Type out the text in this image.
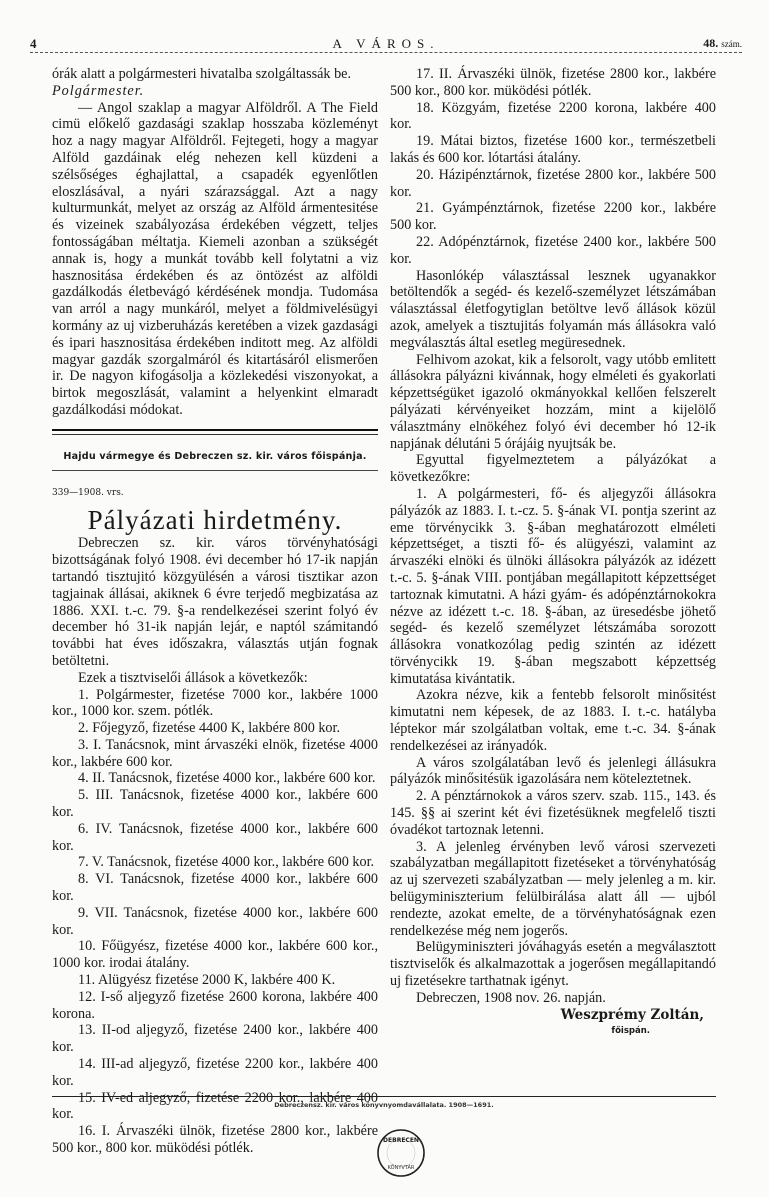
4	A VÁROS.	48. szám.

órák alatt a polgármesteri hivatalba szolgáltassák be.

Polgármester.

— Angol szaklap a magyar Alföldről. A The Field cimü előkelő gazdasági szaklap hosszaba közleményt hoz a nagy magyar Alföldről. Fejtegeti, hogy a magyar Alföld gazdáinak elég nehezen kell küzdeni a szélsőséges éghajlattal, a csapadék egyenlőtlen eloszlásával, a nyári szárazsággal. Azt a nagy kulturmunkát, melyet az ország az Alföld ármentesitése és vizeinek szabályozása érdekében végzett, teljes fontosságában méltatja. Kiemeli azonban a szükségét annak is, hogy a munkát tovább kell folytatni a viz hasznositása érdekében és az öntözést az alföldi gazdálkodás életbevágó kérdésének mondja. Tudomása van arról a nagy munkáról, melyet a földmivelésügyi kormány az uj vizberuházás keretében a vizek gazdasági és ipari hasznositása érdekében inditott meg. Az alföldi magyar gazdák szorgalmáról és kitartásáról elismerően ir. De nagyon kifogásolja a közlekedési viszonyokat, a birtok megoszlását, valamint a helyenkint elmaradt gazdálkodási módokat.

Hajdu vármegye és Debreczen sz. kir. város főispánja.
339—1908. vrs.
Pályázati hirdetmény.

Debreczen sz. kir. város törvényhatósági bizottságának folyó 1908. évi december hó 17-ik napján tartandó tisztujitó közgyülésén a városi tisztikar azon tagjainak állásai, akiknek 6 évre terjedő megbizatása az 1886. XXI. t.-c. 79. §-a rendelkezései szerint folyó év december hó 31-ik napján lejár, e naptól számitandó további hat éves időszakra, választás utján fognak betöltetni.

Ezek a tisztviselői állások a következők:

1. Polgármester, fizetése 7000 kor., lakbére 1000 kor., 1000 kor. szem. pótlék.

2. Főjegyző, fizetése 4400 K, lakbére 800 kor.

3. I. Tanácsnok, mint árvaszéki elnök, fizetése 4000 kor., lakbére 600 kor.

4. II. Tanácsnok, fizetése 4000 kor., lakbére 600 kor.

5. III. Tanácsnok, fizetése 4000 kor., lakbére 600 kor.

6. IV. Tanácsnok, fizetése 4000 kor., lakbére 600 kor.

7. V. Tanácsnok, fizetése 4000 kor., lakbére 600 kor.

8. VI. Tanácsnok, fizetése 4000 kor., lakbére 600 kor.

9. VII. Tanácsnok, fizetése 4000 kor., lakbére 600 kor.

10. Főügyész, fizetése 4000 kor., lakbére 600 kor., 1000 kor. irodai átalány.

11. Alügyész fizetése 2000 K, lakbére 400 K.

12. I-ső aljegyző fizetése 2600 korona, lakbére 400 korona.

13. II-od aljegyző, fizetése 2400 kor., lakbére 400 kor.

14. III-ad aljegyző, fizetése 2200 kor., lakbére 400 kor.

15. IV-ed aljegyző, fizetése 2200 kor., lakbére 400 kor.

16. I. Árvaszéki ülnök, fizetése 2800 kor., lakbére 500 kor., 800 kor. müködési pótlék.

17. II. Árvaszéki ülnök, fizetése 2800 kor., lakbére 500 kor., 800 kor. müködési pótlék.

18. Közgyám, fizetése 2200 korona, lakbére 400 kor.

19. Mátai biztos, fizetése 1600 kor., természetbeli lakás és 600 kor. lótartási átalány.

20. Házipénztárnok, fizetése 2800 kor., lakbére 500 kor.

21. Gyámpénztárnok, fizetése 2200 kor., lakbére 500 kor.

22. Adópénztárnok, fizetése 2400 kor., lakbére 500 kor.

Hasonlókép választással lesznek ugyanakkor betöltendők a segéd- és kezelő-személyzet létszámában választással életfogytiglan betöltve levő állások közül azok, amelyek a tisztujitás folyamán más állásokra való megválasztás által esetleg megüresednek.

Felhivom azokat, kik a felsorolt, vagy utóbb emlitett állásokra pályázni kivánnak, hogy elméleti és gyakorlati képzettségüket igazoló okmányokkal kellően felszerelt pályázati kérvényeiket hozzám, mint a kijelölő választmány elnökéhez folyó évi december hó 12-ik napjának délutáni 5 órájáig nyujtsák be.

Egyuttal figyelmeztetem a pályázókat a következőkre:

1. A polgármesteri, fő- és aljegyzői állásokra pályázók az 1883. I. t.-cz. 5. §-ának VI. pontja szerint az eme törvénycikk 3. §-ában meghatározott elméleti képzettséget, a tiszti fő- és alügyészi, valamint az árvaszéki elnöki és ülnöki állásokra pályázók az idézett t.-c. 5. §-ának VIII. pontjában megállapitott képzettséget tartoznak kimutatni. A házi gyám- és adópénztárnokokra nézve az idézett t.-c. 18. §-ában, az üresedésbe jöhető segéd- és kezelő személyzet létszámába sorozott állásokra vonatkozólag pedig szintén az idézett törvénycikk 19. §-ában megszabott képzettség kimutatása kivántatik.

Azokra nézve, kik a fentebb felsorolt minősitést kimutatni nem képesek, de az 1883. I. t.-c. hatályba léptekor már szolgálatban voltak, eme t.-c. 34. §-ának rendelkezései az irányadók.

A város szolgálatában levő és jelenlegi állásukra pályázók minősitésük igazolására nem köteleztetnek.

2. A pénztárnokok a város szerv. szab. 115., 143. és 145. §§ ai szerint két évi fizetésüknek megfelelő tiszti óvadékot tartoznak letenni.

3. A jelenleg érvényben levő városi szervezeti szabályzatban megállapitott fizetéseket a törvényhatóság az uj szervezeti szabályzatban — mely jelenleg a m. kir. belügyminiszterium felülbirálása alatt áll — ujból rendezte, azokat emelte, de a törvényhatóságnak ezen rendelkezése még nem jogerős.

Belügyminiszteri jóváhagyás esetén a megválasztott tisztviselők és alkalmazottak a jogerősen megállapitandó uj fizetésekre tarthatnak igényt.

Debreczen, 1908 nov. 26. napján.

Weszprémy Zoltán,
főispán.
Debreczensz. kir. város könyvnyomdavállalata. 1908—1691.
DEBRECEN
KÖNYVTÁR
